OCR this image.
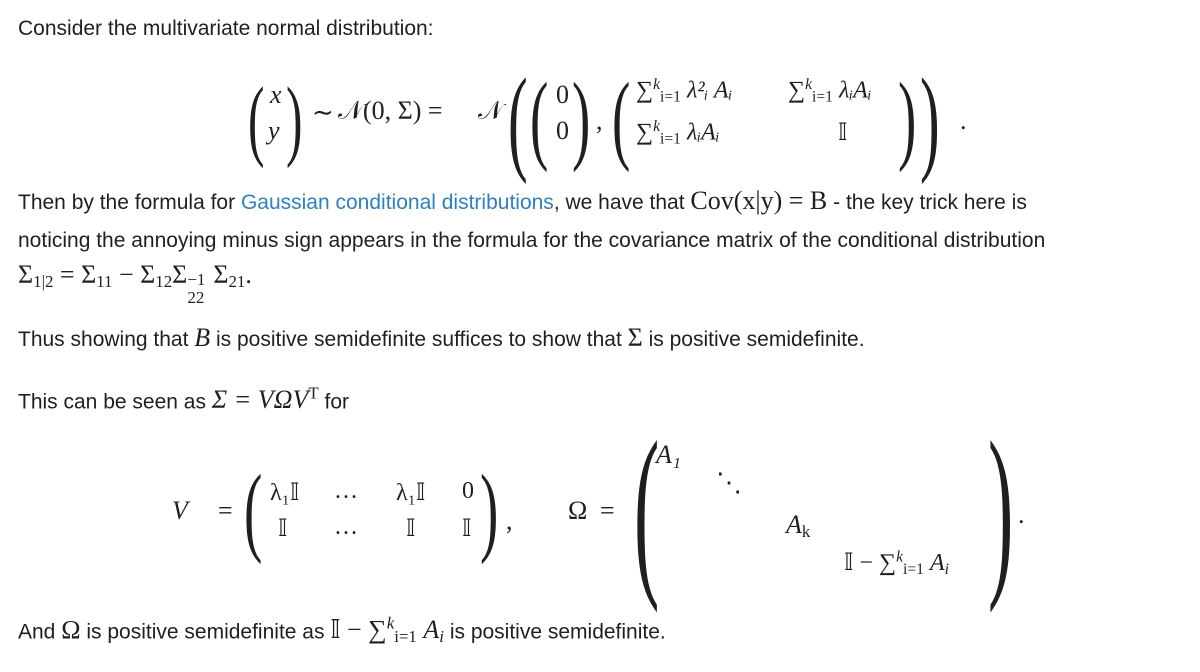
Consider the multivariate normal distribution:
( x
y ) ∼ 𝒩(0, Σ) = 𝒩 ( ( 0
0 ) , ( ∑$^k_{i=1}$ λ²ᵢ Aᵢ ∑$^k_{i=1}$ λᵢAᵢ
∑$^k_{i=1}$ λᵢAᵢ	𝕀 ) ) .
Then by the formula for Gaussian conditional distributions, we have that Cov(x|y) = B - the key trick here is
noticing the annoying minus sign appears in the formula for the covariance matrix of the conditional distribution
$\Sigma_{1|2} = \Sigma_{11} - \Sigma_{12}\Sigma -1$
22
$\Sigma_{21}$.
Thus showing that B is positive semidefinite suffices to show that Σ is positive semidefinite.
This can be seen as $\Sigma = V\Omega V^T$ for
V = ( λ₁𝕀 … λ₁𝕀 0
𝕀 … 𝕀 𝕀 ) , Ω = (
A₁
⋱
$A_k$
𝕀 − ∑$^k_{i=1}$ $A_i$ ) .
And Ω is positive semidefinite as 𝕀 − ∑$^k_{i=1}$ $A_i$ is positive semidefinite.
